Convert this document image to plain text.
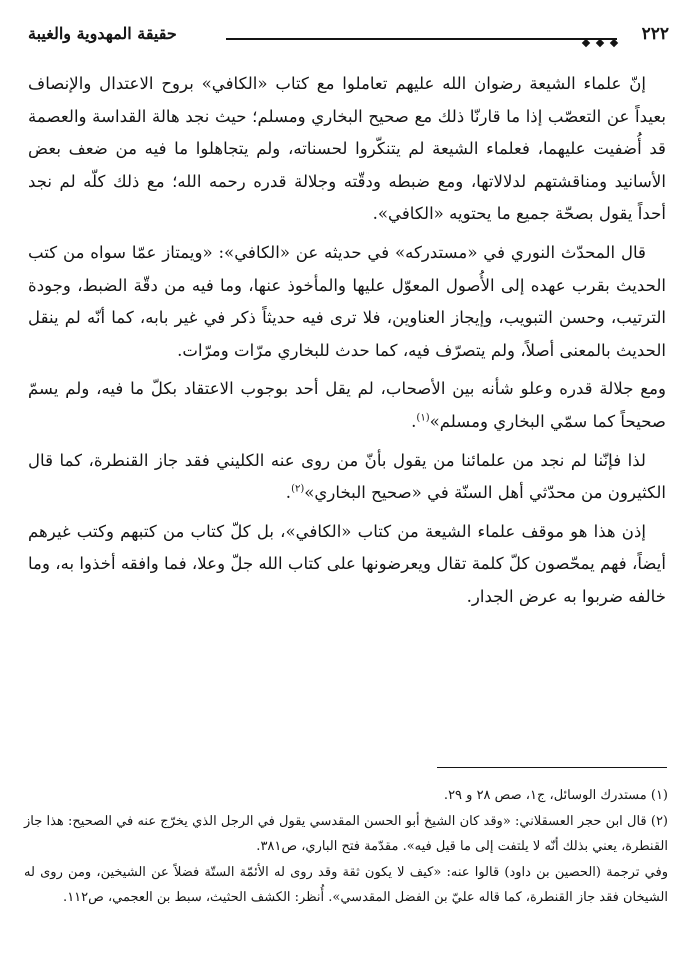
٢٢٢
حقيقة المهدوية والغيبة

إنّ علماء الشيعة رضوان الله عليهم تعاملوا مع كتاب «الكافي» بروح الاعتدال والإنصاف بعيداً عن التعصّب إذا ما قارنّا ذلك مع صحيح البخاري ومسلم؛ حيث نجد هالة القداسة والعصمة قد أُضفيت عليهما، فعلماء الشيعة لم يتنكّروا لحسناته، ولم يتجاهلوا ما فيه من ضعف بعض الأسانيد ومناقشتهم لدلالاتها، ومع ضبطه ودقّته وجلالة قدره رحمه الله؛ مع ذلك كلّه لم نجد أحداً يقول بصحّة جميع ما يحتويه «الكافي».

قال المحدّث النوري في «مستدركه» في حديثه عن «الكافي»: «ويمتاز عمّا سواه من كتب الحديث بقرب عهده إلى الأُصول المعوّل عليها والمأخوذ عنها، وما فيه من دقّة الضبط، وجودة الترتيب، وحسن التبويب، وإيجاز العناوين، فلا ترى فيه حديثاً ذكر في غير بابه، كما أنّه لم ينقل الحديث بالمعنى أصلاً، ولم يتصرّف فيه، كما حدث للبخاري مرّات ومرّات.

ومع جلالة قدره وعلو شأنه بين الأصحاب، لم يقل أحد بوجوب الاعتقاد بكلّ ما فيه، ولم يسمّ صحيحاً كما سمّي البخاري ومسلم»$^{(١)}$.

لذا فإنّنا لم نجد من علمائنا من يقول بأنّ من روى عنه الكليني فقد جاز القنطرة، كما قال الكثيرون من محدّثي أهل السنّة في «صحيح البخاري»$^{(٢)}$.

إذن هذا هو موقف علماء الشيعة من كتاب «الكافي»، بل كلّ كتاب من كتبهم وكتب غيرهم أيضاً، فهم يمحّصون كلّ كلمة تقال ويعرضونها على كتاب الله جلّ وعلا، فما وافقه أخذوا به، وما خالفه ضربوا به عرض الجدار.

(١) مستدرك الوسائل، ج١، صص ٢٨ و ٢٩.

(٢) قال ابن حجر العسقلاني: «وقد كان الشيخ أبو الحسن المقدسي يقول في الرجل الذي يخرّج عنه في الصحيح: هذا جاز القنطرة، يعني بذلك أنّه لا يلتفت إلى ما قيل فيه». مقدّمة فتح الباري، ص٣٨١.

وفي ترجمة (الحصين بن داود) قالوا عنه: «كيف لا يكون ثقة وقد روى له الأئمّة الستّة فضلاً عن الشيخين، ومن روى له الشيخان فقد جاز القنطرة، كما قاله عليّ بن الفضل المقدسي». أُنظر: الكشف الحثيث، سبط بن العجمي، ص١١٢.
